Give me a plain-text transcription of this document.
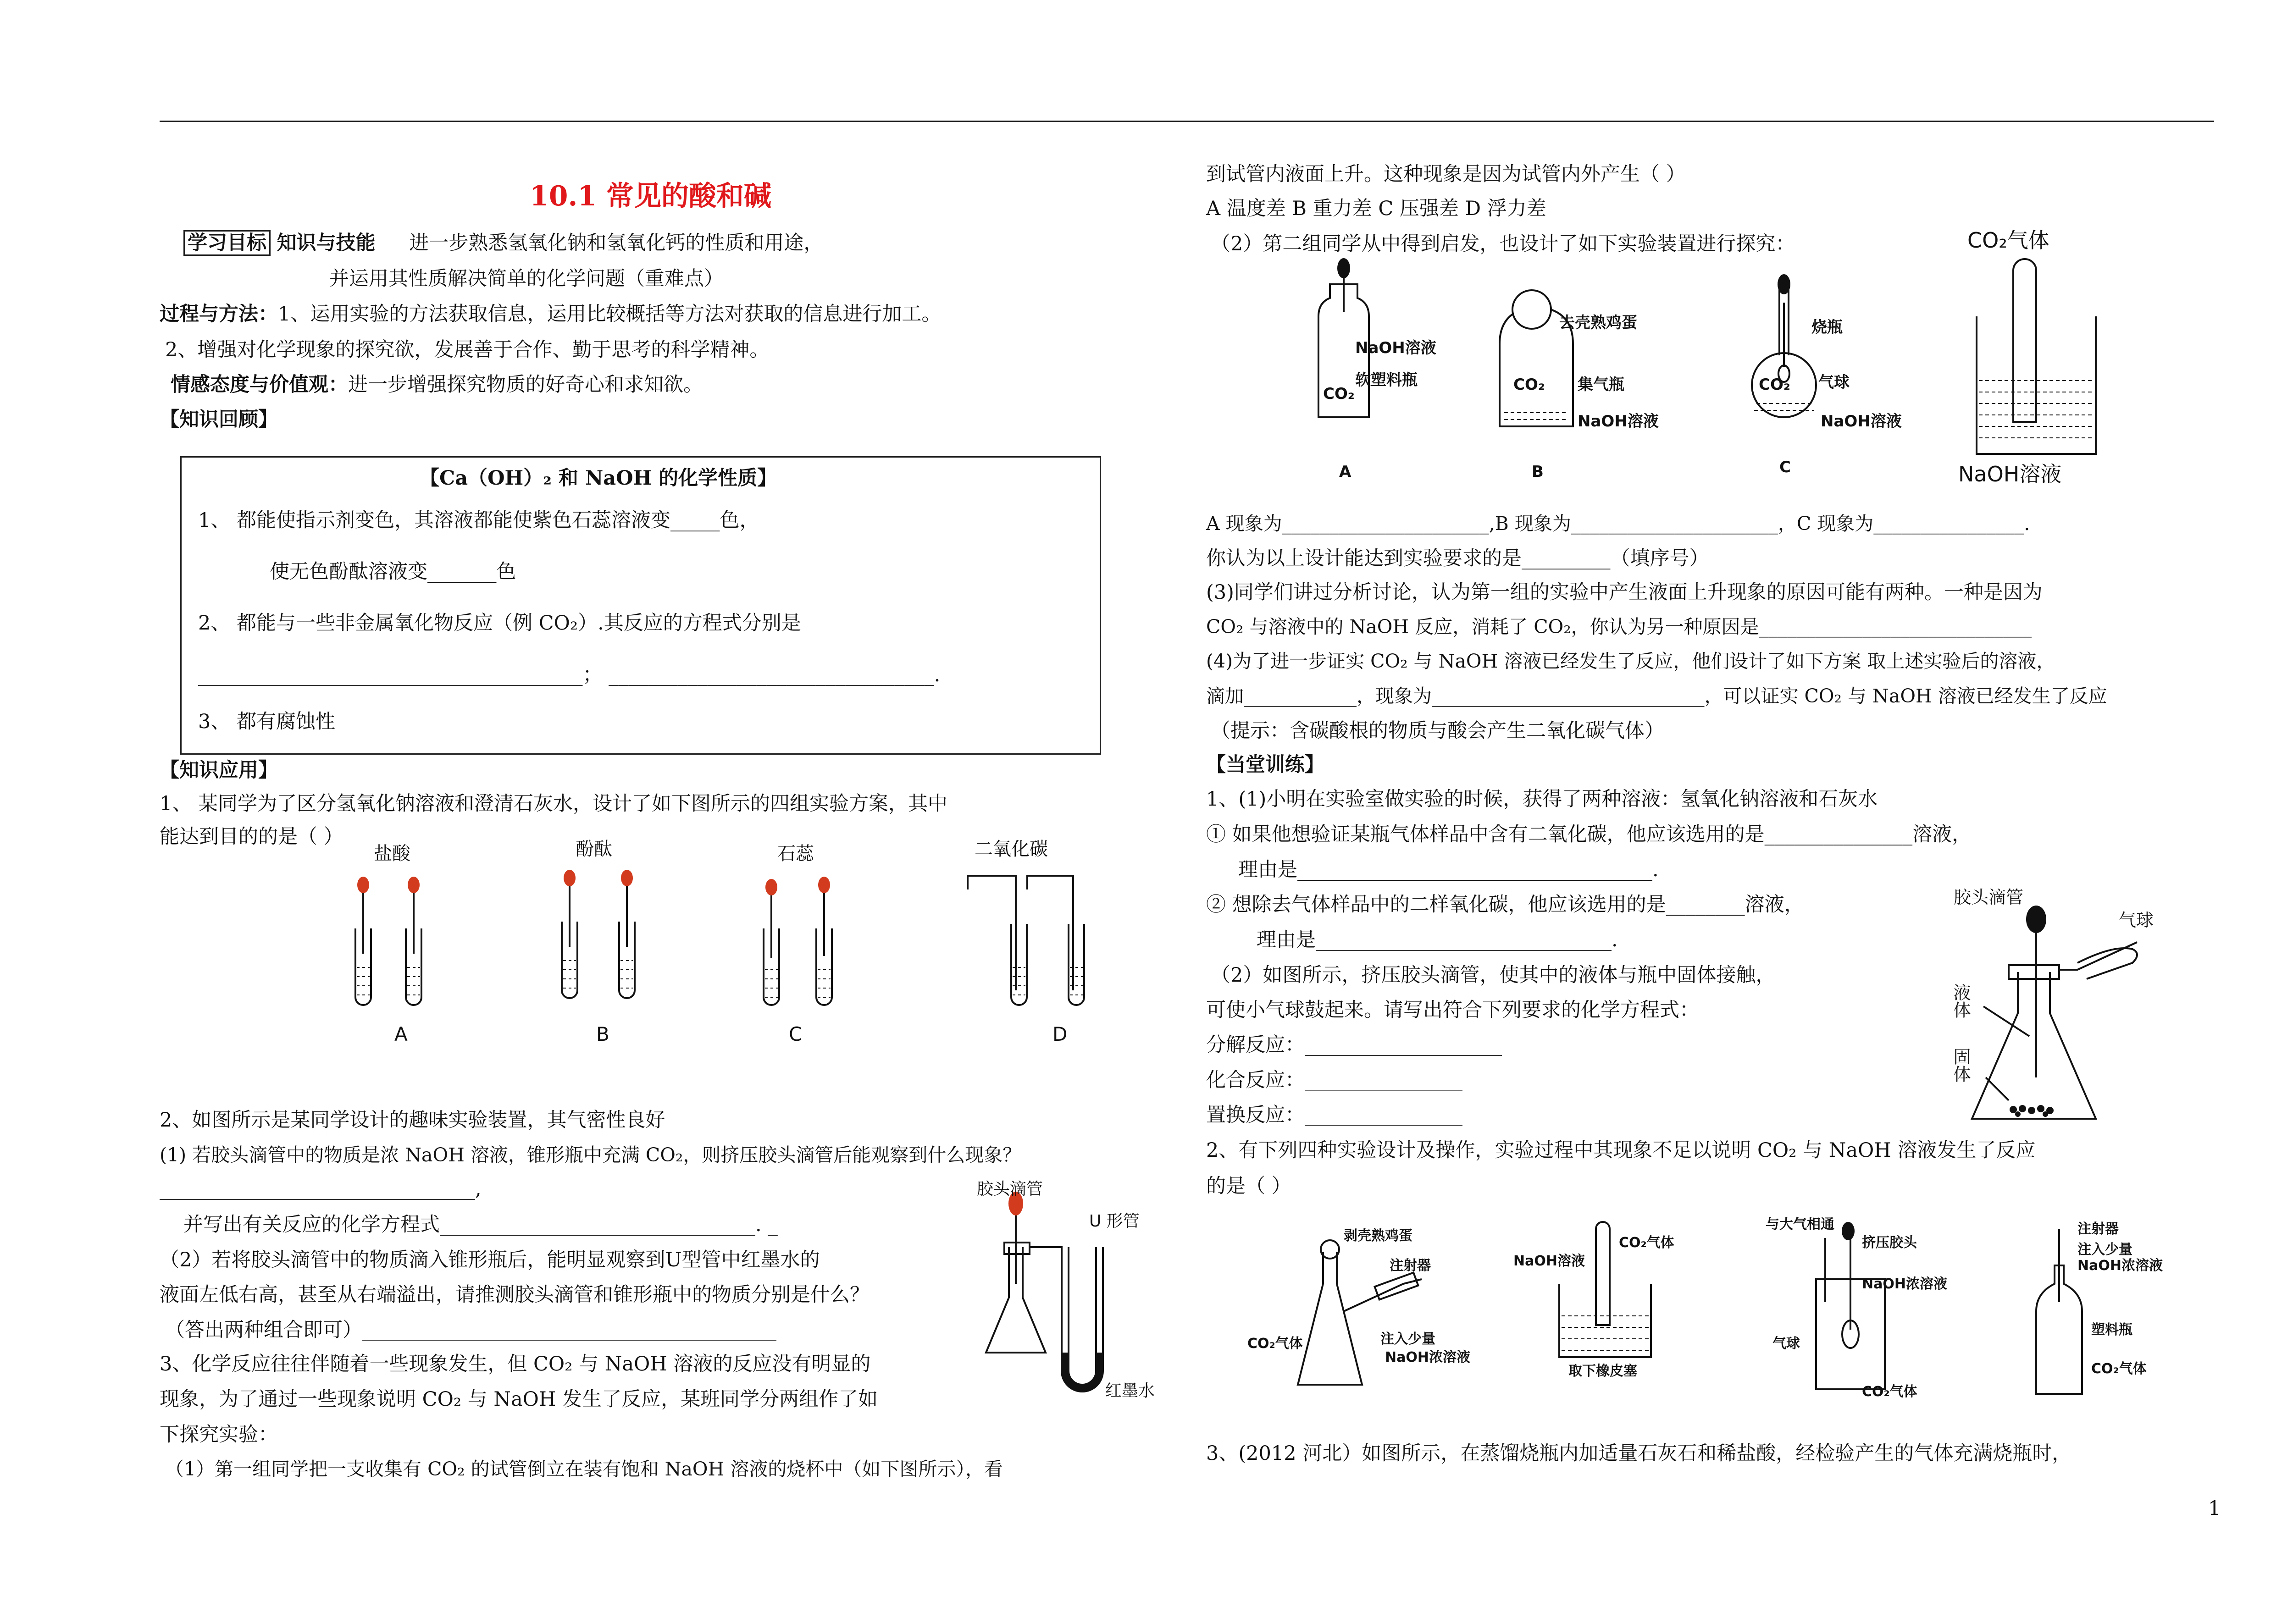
10.1 常见的酸和碱
学习目标 知识与技能 进一步熟悉氢氧化钠和氢氧化钙的性质和用途，
并运用其性质解决简单的化学问题（重难点）
过程与方法：1、运用实验的方法获取信息，运用比较概括等方法对获取的信息进行加工。
2、增强对化学现象的探究欲，发展善于合作、勤于思考的科学精神。
情感态度与价值观：进一步增强探究物质的好奇心和求知欲。
【知识回顾】
【Ca（OH）₂ 和 NaOH 的化学性质】
1、 都能使指示剂变色，其溶液都能使紫色石蕊溶液变_____色，
使无色酚酞溶液变_______色
2、 都能与一些非金属氧化物反应（例 CO₂）.其反应的方程式分别是
_______________________________________； _________________________________.
3、 都有腐蚀性
【知识应用】
1、 某同学为了区分氢氧化钠溶液和澄清石灰水，设计了如下图所示的四组实验方案，其中
能达到目的的是（ ）
盐酸	酚酞	石蕊	二氧化碳
A	B	C	D
2、如图所示是某同学设计的趣味实验装置，其气密性良好
(1) 若胶头滴管中的物质是浓 NaOH 溶液，锥形瓶中充满 CO₂，则挤压胶头滴管后能观察到什么现象？
________________________________,
并写出有关反应的化学方程式________________________________. _
（2）若将胶头滴管中的物质滴入锥形瓶后，能明显观察到U型管中红墨水的
液面左低右高，甚至从右端溢出，请推测胶头滴管和锥形瓶中的物质分别是什么？
（答出两种组合即可）__________________________________________
胶头滴管
U 形管
红墨水
3、化学反应往往伴随着一些现象发生，但 CO₂ 与 NaOH 溶液的反应没有明显的
现象，为了通过一些现象说明 CO₂ 与 NaOH 发生了反应，某班同学分两组作了如
下探究实验：
（1）第一组同学把一支收集有 CO₂ 的试管倒立在装有饱和 NaOH 溶液的烧杯中（如下图所示），看
到试管内液面上升。这种现象是因为试管内外产生（ ）
A 温度差 B 重力差 C 压强差 D 浮力差
（2）第二组同学从中得到启发，也设计了如下实验装置进行探究：
NaOH溶液
CO₂
软塑料瓶
A
去壳熟鸡蛋
CO₂ 集气瓶
NaOH溶液
B
烧瓶
CO₂ 气球
NaOH溶液
C
CO₂气体
NaOH溶液
A 现象为______________________,B 现象为______________________，C 现象为________________.
你认为以上设计能达到实验要求的是_________（填序号）
(3)同学们讲过分析讨论，认为第一组的实验中产生液面上升现象的原因可能有两种。一种是因为
CO₂ 与溶液中的 NaOH 反应，消耗了 CO₂，你认为另一种原因是_____________________________
(4)为了进一步证实 CO₂ 与 NaOH 溶液已经发生了反应，他们设计了如下方案 取上述实验后的溶液，
滴加____________，现象为_____________________________，可以证实 CO₂ 与 NaOH 溶液已经发生了反应
（提示：含碳酸根的物质与酸会产生二氧化碳气体）
【当堂训练】
1、(1)小明在实验室做实验的时候，获得了两种溶液：氢氧化钠溶液和石灰水
① 如果他想验证某瓶气体样品中含有二氧化碳，他应该选用的是_______________溶液，
理由是____________________________________.
② 想除去气体样品中的二样氧化碳，他应该选用的是________溶液，
理由是______________________________.
（2）如图所示，挤压胶头滴管，使其中的液体与瓶中固体接触，
可使小气球鼓起来。请写出符合下列要求的化学方程式：
分解反应：____________________
化合反应：________________
置换反应：________________
胶头滴管
气球
液体
固体
2、有下列四种实验设计及操作，实验过程中其现象不足以说明 CO₂ 与 NaOH 溶液发生了反应
的是（ ）
剥壳熟鸡蛋
注射器
CO₂气体	注入少量
NaOH浓溶液
NaOH溶液
CO₂气体
取下橡皮塞
与大气相通
挤压胶头
NaOH浓溶液
气球
CO₂气体
注射器
注入少量
NaOH浓溶液
塑料瓶
CO₂气体
3、(2012 河北）如图所示，在蒸馏烧瓶内加适量石灰石和稀盐酸，经检验产生的气体充满烧瓶时，
1
